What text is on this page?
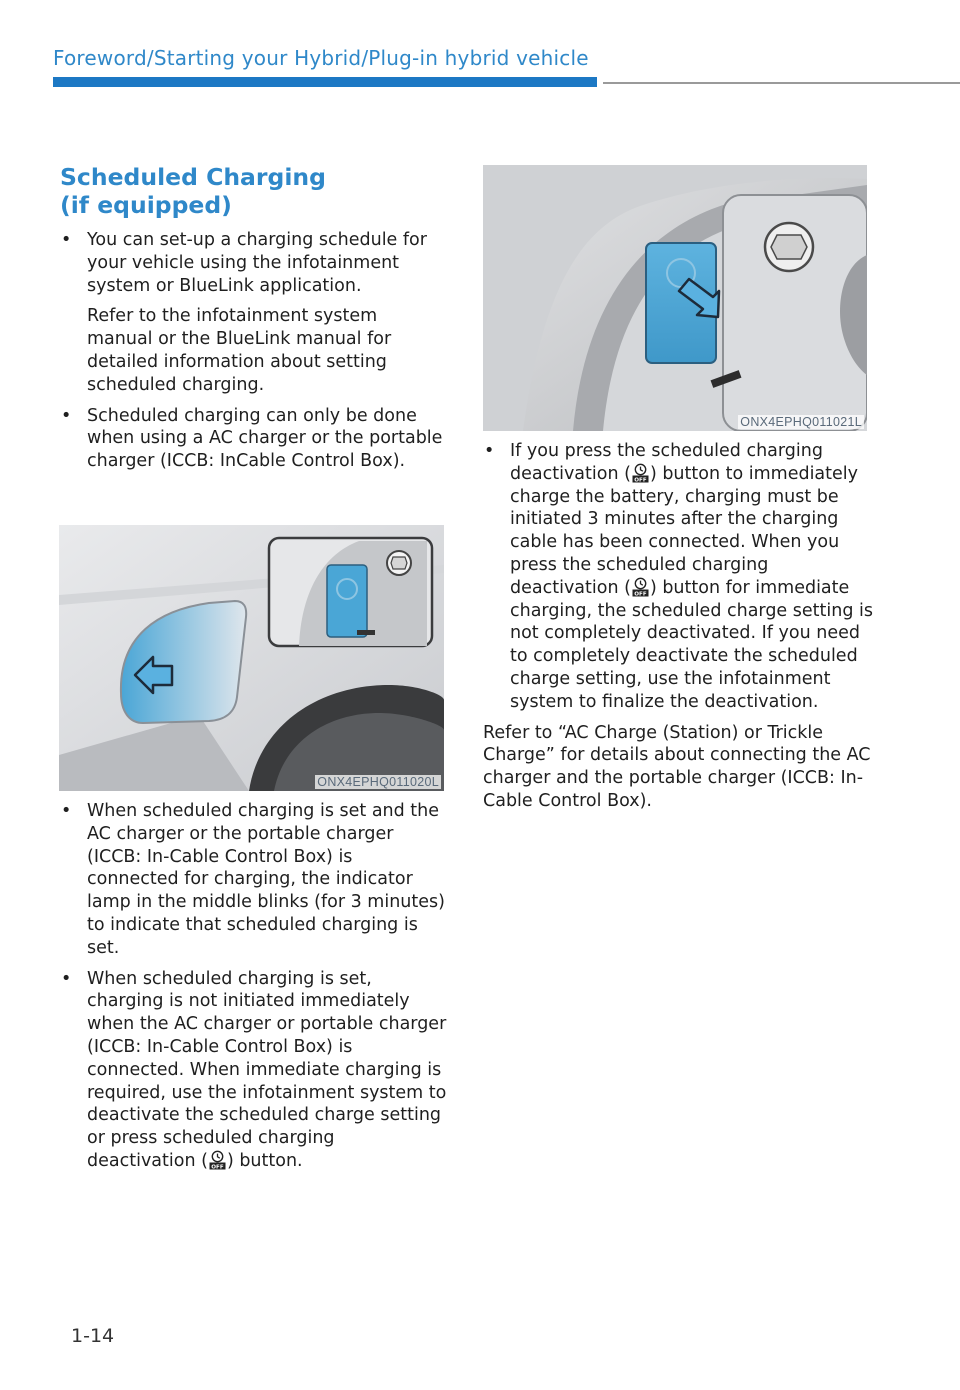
Foreword/Starting your Hybrid/Plug-in hybrid vehicle
Scheduled Charging
(if equipped)

• You can set-up a charging schedule for your vehicle using the infotainment system or BlueLink application.

Refer to the infotainment system manual or the BlueLink manual for detailed information about setting scheduled charging.

• Scheduled charging can only be done when using a AC charger or the portable charger (ICCB: InCable Control Box).

ONX4EPHQ011020L

• When scheduled charging is set and the AC charger or the portable charger (ICCB: In-Cable Control Box) is connected for charging, the indicator lamp in the middle blinks (for 3 minutes) to indicate that scheduled charging is set.

• When scheduled charging is set, charging is not initiated immediately when the AC charger or portable charger (ICCB: In-Cable Control Box) is connected. When immediate charging is required, use the infotainment system to deactivate the scheduled charge setting or press scheduled charging deactivation ( ) button.

ONX4EPHQ011021L

• If you press the scheduled charging deactivation ( ) button to immediately charge the battery, charging must be initiated 3 minutes after the charging cable has been connected. When you press the scheduled charging deactivation ( ) button for immediate charging, the scheduled charge setting is not completely deactivated. If you need to completely deactivate the scheduled charge setting, use the infotainment system to finalize the deactivation.

Refer to “AC Charge (Station) or Trickle Charge” for details about connecting the AC charger and the portable charger (ICCB: In-Cable Control Box).

1-14
